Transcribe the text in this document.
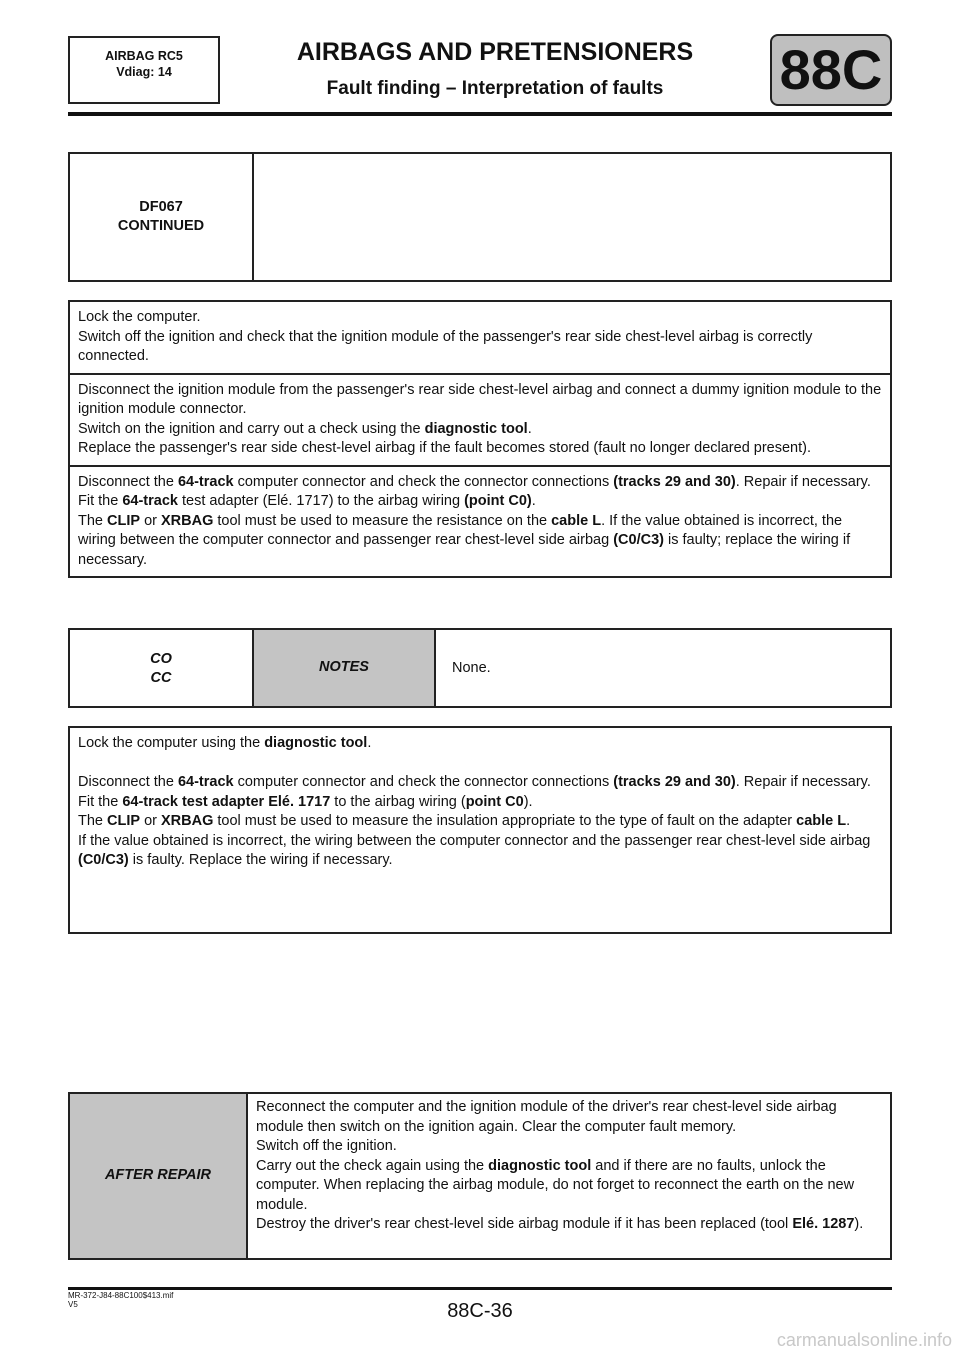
AIRBAG RC5
Vdiag: 14
AIRBAGS AND PRETENSIONERS
Fault finding – Interpretation of faults	88C
DF067
CONTINUED
Lock the computer.
Switch off the ignition and check that the ignition module of the passenger's rear side chest-level airbag is correctly connected.
Disconnect the ignition module from the passenger's rear side chest-level airbag and connect a dummy ignition module to the ignition module connector.
Switch on the ignition and carry out a check using the diagnostic tool.
Replace the passenger's rear side chest-level airbag if the fault becomes stored (fault no longer declared present).
Disconnect the 64-track computer connector and check the connector connections (tracks 29 and 30). Repair if necessary.
Fit the 64-track test adapter (Elé. 1717) to the airbag wiring (point C0).
The CLIP or XRBAG tool must be used to measure the resistance on the cable L. If the value obtained is incorrect, the wiring between the computer connector and passenger rear chest-level side airbag (C0/C3) is faulty; replace the wiring if necessary.
CO
CC
NOTES	None.
Lock the computer using the diagnostic tool.
Disconnect the 64-track computer connector and check the connector connections (tracks 29 and 30). Repair if necessary.
Fit the 64-track test adapter Elé. 1717 to the airbag wiring (point C0).
The CLIP or XRBAG tool must be used to measure the insulation appropriate to the type of fault on the adapter cable L.
If the value obtained is incorrect, the wiring between the computer connector and the passenger rear chest-level side airbag (C0/C3) is faulty. Replace the wiring if necessary.
AFTER REPAIR
Reconnect the computer and the ignition module of the driver's rear chest-level side airbag module then switch on the ignition again. Clear the computer fault memory.
Switch off the ignition.
Carry out the check again using the diagnostic tool and if there are no faults, unlock the computer. When replacing the airbag module, do not forget to reconnect the earth on the new module.
Destroy the driver's rear chest-level side airbag module if it has been replaced (tool Elé. 1287).
MR-372-J84-88C100$413.mif
V5	88C-36
carmanualsonline.info
